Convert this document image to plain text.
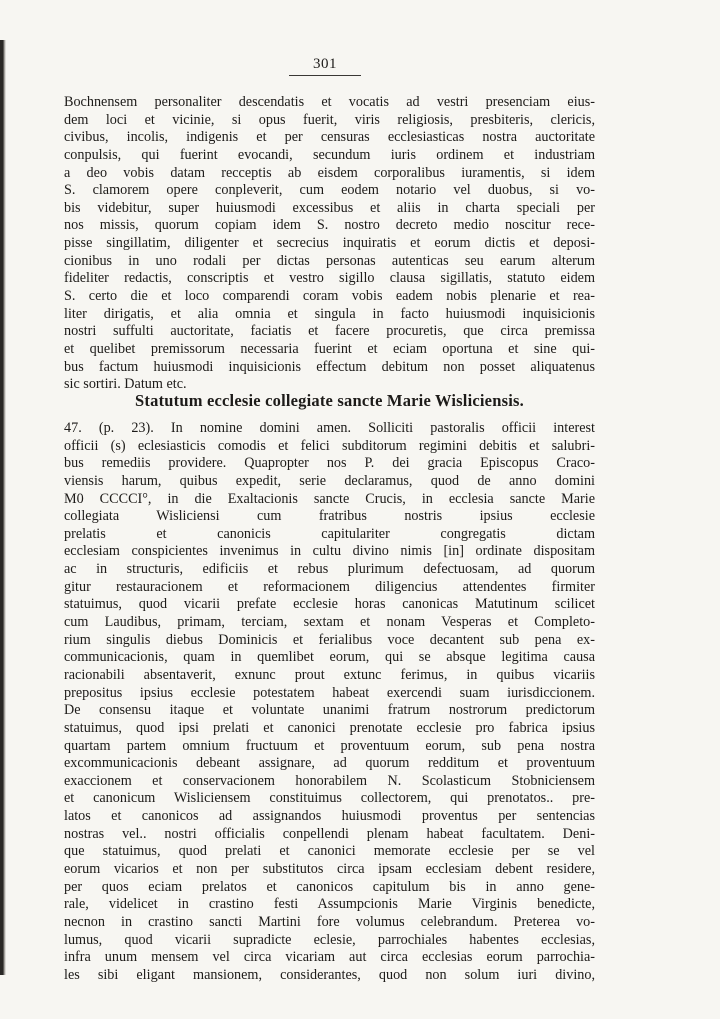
301

Bochnensem personaliter descendatis et vocatis ad vestri presenciam eius-
dem loci et vicinie, si opus fuerit, viris religiosis, presbiteris, clericis,
civibus, incolis, indigenis et per censuras ecclesiasticas nostra auctoritate
conpulsis, qui fuerint evocandi, secundum iuris ordinem et industriam
a deo vobis datam recceptis ab eisdem corporalibus iuramentis, si idem
S. clamorem opere conpleverit, cum eodem notario vel duobus, si vo-
bis videbitur, super huiusmodi excessibus et aliis in charta speciali per
nos missis, quorum copiam idem S. nostro decreto medio noscitur rece-
pisse singillatim, diligenter et secrecius inquiratis et eorum dictis et deposi-
cionibus in uno rodali per dictas personas autenticas seu earum alterum
fideliter redactis, conscriptis et vestro sigillo clausa sigillatis, statuto eidem
S. certo die et loco comparendi coram vobis eadem nobis plenarie et rea-
liter dirigatis, et alia omnia et singula in facto huiusmodi inquisicionis
nostri suffulti auctoritate, faciatis et facere procuretis, que circa premissa
et quelibet premissorum necessaria fuerint et eciam oportuna et sine qui-
bus factum huiusmodi inquisicionis effectum debitum non posset aliquatenus
sic sortiri. Datum etc.
Statutum ecclesie collegiate sancte Marie Wisliciensis.
47. (p. 23). In nomine domini amen. Solliciti pastoralis officii interest
officii (s) eclesiasticis comodis et felici subditorum regimini debitis et salubri-
bus remediis providere. Quapropter nos P. dei gracia Episcopus Craco-
viensis harum, quibus expedit, serie declaramus, quod de anno domini
M0 CCCCI°, in die Exaltacionis sancte Crucis, in ecclesia sancte Marie
collegiata Wisliciensi cum fratribus nostris ipsius ecclesie
prelatis et canonicis capitulariter congregatis dictam
ecclesiam conspicientes invenimus in cultu divino nimis [in] ordinate dispositam
ac in structuris, edificiis et rebus plurimum defectuosam, ad quorum
gitur restauracionem et reformacionem diligencius attendentes firmiter
statuimus, quod vicarii prefate ecclesie horas canonicas Matutinum scilicet
cum Laudibus, primam, terciam, sextam et nonam Vesperas et Completo-
rium singulis diebus Dominicis et ferialibus voce decantent sub pena ex-
communicacionis, quam in quemlibet eorum, qui se absque legitima causa
racionabili absentaverit, exnunc prout extunc ferimus, in quibus vicariis
prepositus ipsius ecclesie potestatem habeat exercendi suam iurisdiccionem.
De consensu itaque et voluntate unanimi fratrum nostrorum predictorum
statuimus, quod ipsi prelati et canonici prenotate ecclesie pro fabrica ipsius
quartam partem omnium fructuum et proventuum eorum, sub pena nostra
excommunicacionis debeant assignare, ad quorum redditum et proventuum
exaccionem et conservacionem honorabilem N. Scolasticum Stobniciensem
et canonicum Wisliciensem constituimus collectorem, qui prenotatos.. pre-
latos et canonicos ad assignandos huiusmodi proventus per sentencias
nostras vel.. nostri officialis conpellendi plenam habeat facultatem. Deni-
que statuimus, quod prelati et canonici memorate ecclesie per se vel
eorum vicarios et non per substitutos circa ipsam ecclesiam debent residere,
per quos eciam prelatos et canonicos capitulum bis in anno gene-
rale, videlicet in crastino festi Assumpcionis Marie Virginis benedicte,
necnon in crastino sancti Martini fore volumus celebrandum. Preterea vo-
lumus, quod vicarii supradicte eclesie, parrochiales habentes ecclesias,
infra unum mensem vel circa vicariam aut circa ecclesias eorum parrochia-
les sibi eligant mansionem, considerantes, quod non solum iuri divino,
